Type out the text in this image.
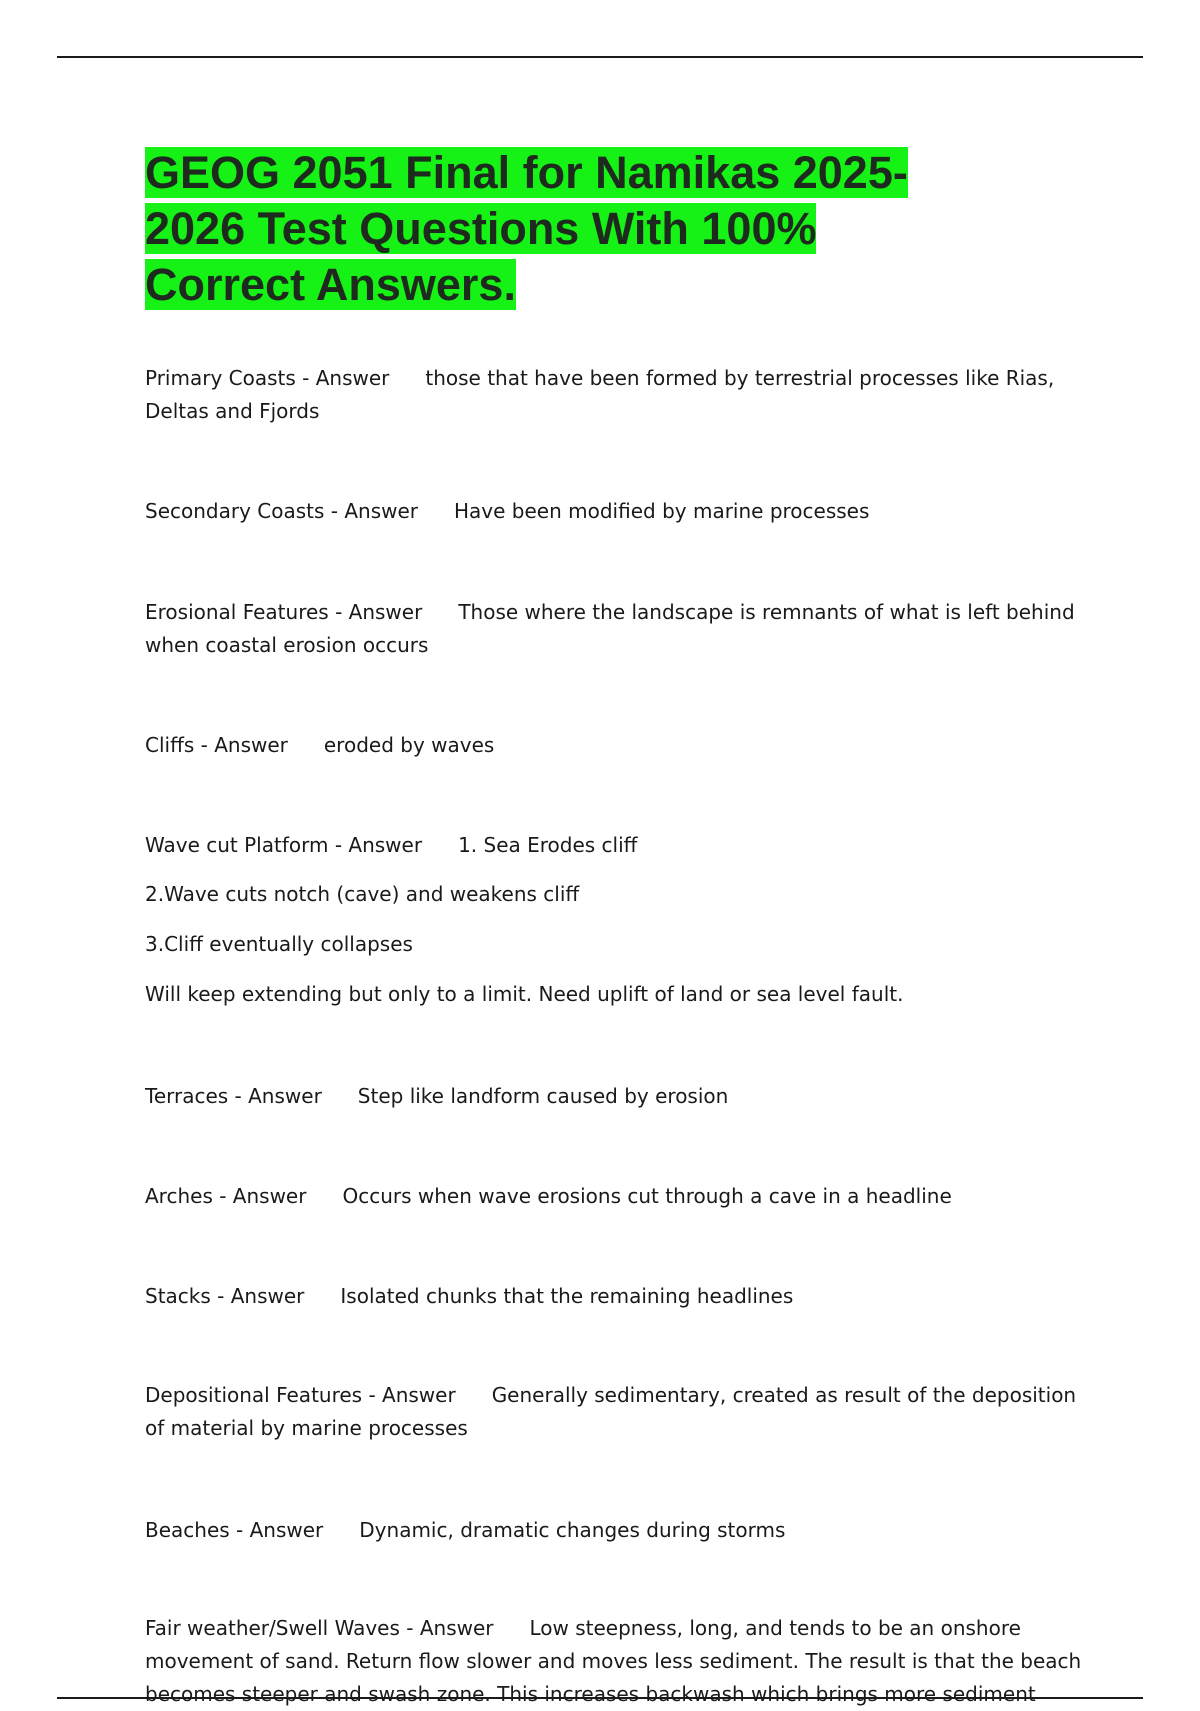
GEOG 2051 Final for Namikas 2025-2026 Test Questions With 100% Correct Answers.
Primary Coasts - Answer those that have been formed by terrestrial processes like Rias, Deltas and Fjords
Secondary Coasts - Answer Have been modified by marine processes
Erosional Features - Answer Those where the landscape is remnants of what is left behind when coastal erosion occurs
Cliffs - Answer eroded by waves
Wave cut Platform - Answer 1. Sea Erodes cliff
2.Wave cuts notch (cave) and weakens cliff
3.Cliff eventually collapses
Will keep extending but only to a limit. Need uplift of land or sea level fault.
Terraces - Answer Step like landform caused by erosion
Arches - Answer Occurs when wave erosions cut through a cave in a headline
Stacks - Answer Isolated chunks that the remaining headlines
Depositional Features - Answer Generally sedimentary, created as result of the deposition of material by marine processes
Beaches - Answer Dynamic, dramatic changes during storms
Fair weather/Swell Waves - Answer Low steepness, long, and tends to be an onshore movement of sand. Return flow slower and moves less sediment. The result is that the beach becomes steeper and swash zone. This increases backwash which brings more sediment
